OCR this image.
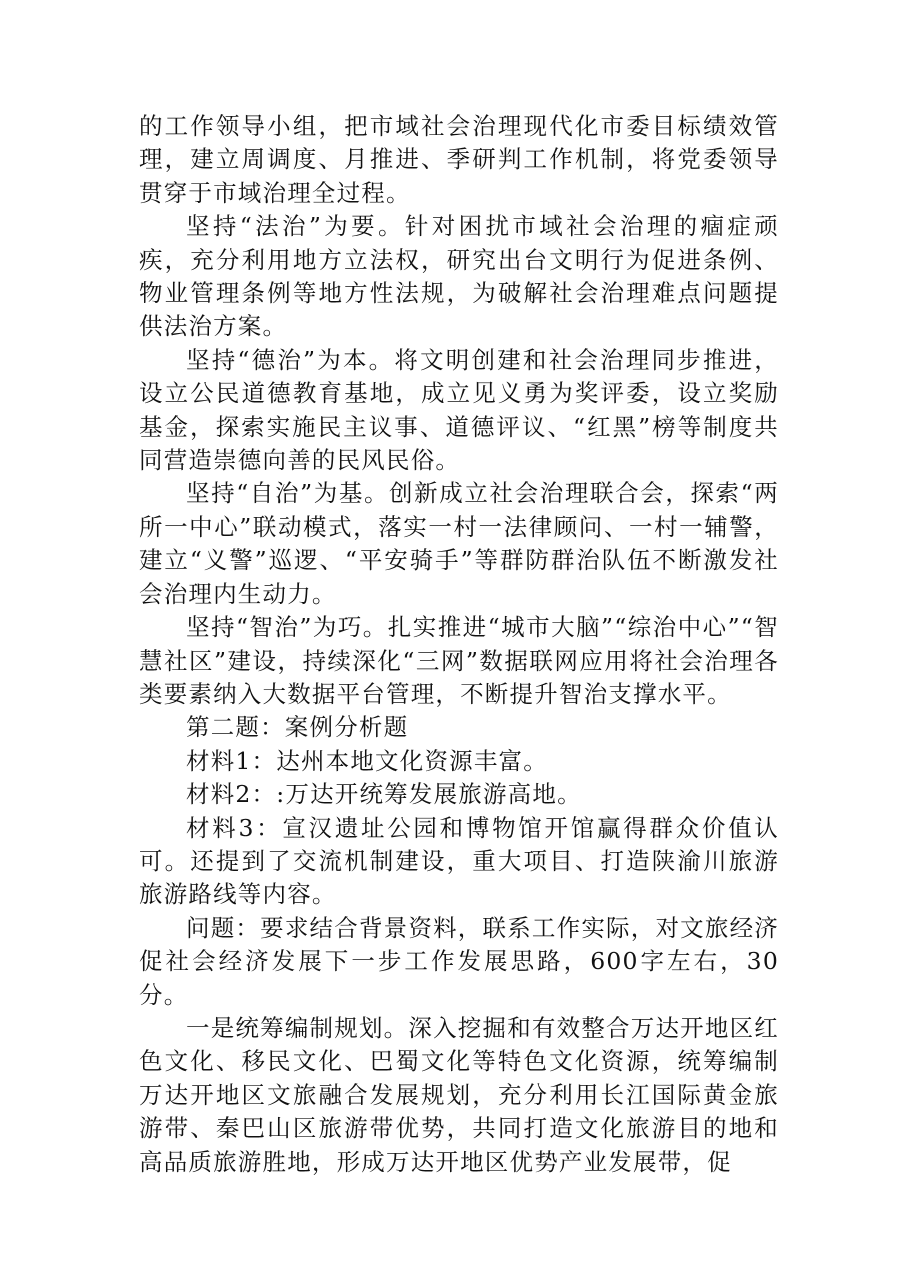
的工作领导小组，把市域社会治理现代化市委目标绩效管理，建立周调度、月推进、季研判工作机制，将党委领导贯穿于市域治理全过程。

坚持“法治”为要。针对困扰市域社会治理的痼症顽疾，充分利用地方立法权，研究出台文明行为促进条例、物业管理条例等地方性法规，为破解社会治理难点问题提供法治方案。

坚持“德治”为本。将文明创建和社会治理同步推进，设立公民道德教育基地，成立见义勇为奖评委，设立奖励基金，探索实施民主议事、道德评议、“红黑”榜等制度共同营造崇德向善的民风民俗。

坚持“自治”为基。创新成立社会治理联合会，探索“两所一中心”联动模式，落实一村一法律顾问、一村一辅警，建立“义警”巡逻、“平安骑手”等群防群治队伍不断激发社会治理内生动力。

坚持“智治”为巧。扎实推进“城市大脑”“综治中心”“智慧社区”建设，持续深化“三网”数据联网应用将社会治理各类要素纳入大数据平台管理，不断提升智治支撑水平。

第二题：案例分析题

材料1：达州本地文化资源丰富。

材料2：:万达开统筹发展旅游高地。

材料3：宣汉遗址公园和博物馆开馆赢得群众价值认可。还提到了交流机制建设，重大项目、打造陕渝川旅游旅游路线等内容。

问题：要求结合背景资料，联系工作实际，对文旅经济促社会经济发展下一步工作发展思路，600字左右，30分。

一是统筹编制规划。深入挖掘和有效整合万达开地区红色文化、移民文化、巴蜀文化等特色文化资源，统筹编制万达开地区文旅融合发展规划，充分利用长江国际黄金旅游带、秦巴山区旅游带优势，共同打造文化旅游目的地和高品质旅游胜地，形成万达开地区优势产业发展带，促
